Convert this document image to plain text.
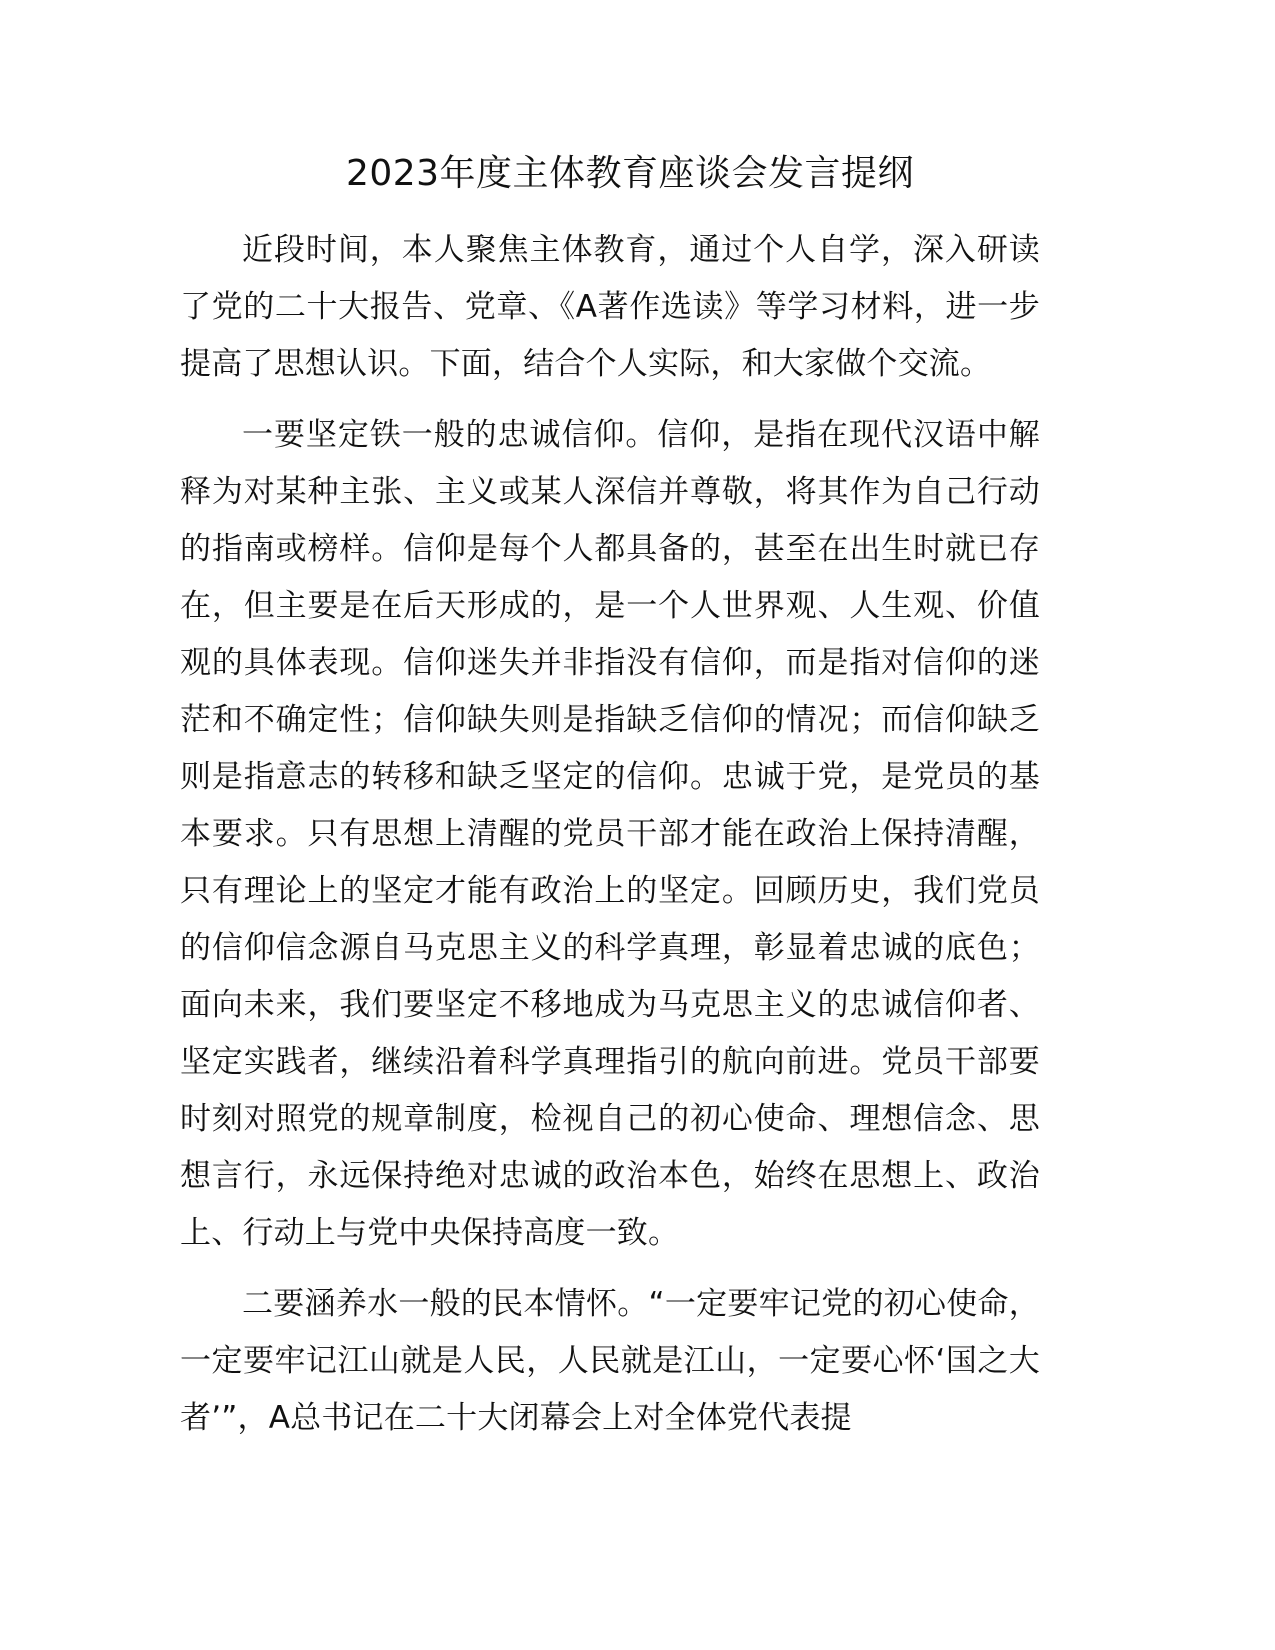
2023年度主体教育座谈会发言提纲

近段时间，本人聚焦主体教育，通过个人自学，深入研读了党的二十大报告、党章、《A著作选读》等学习材料，进一步提高了思想认识。下面，结合个人实际，和大家做个交流。

一要坚定铁一般的忠诚信仰。信仰，是指在现代汉语中解释为对某种主张、主义或某人深信并尊敬，将其作为自己行动的指南或榜样。信仰是每个人都具备的，甚至在出生时就已存在，但主要是在后天形成的，是一个人世界观、人生观、价值观的具体表现。信仰迷失并非指没有信仰，而是指对信仰的迷茫和不确定性；信仰缺失则是指缺乏信仰的情况；而信仰缺乏则是指意志的转移和缺乏坚定的信仰。忠诚于党，是党员的基本要求。只有思想上清醒的党员干部才能在政治上保持清醒，只有理论上的坚定才能有政治上的坚定。回顾历史，我们党员的信仰信念源自马克思主义的科学真理，彰显着忠诚的底色；面向未来，我们要坚定不移地成为马克思主义的忠诚信仰者、坚定实践者，继续沿着科学真理指引的航向前进。党员干部要时刻对照党的规章制度，检视自己的初心使命、理想信念、思想言行，永远保持绝对忠诚的政治本色，始终在思想上、政治上、行动上与党中央保持高度一致。

二要涵养水一般的民本情怀。“一定要牢记党的初心使命，一定要牢记江山就是人民，人民就是江山，一定要心怀‘国之大者’”，A总书记在二十大闭幕会上对全体党代表提
